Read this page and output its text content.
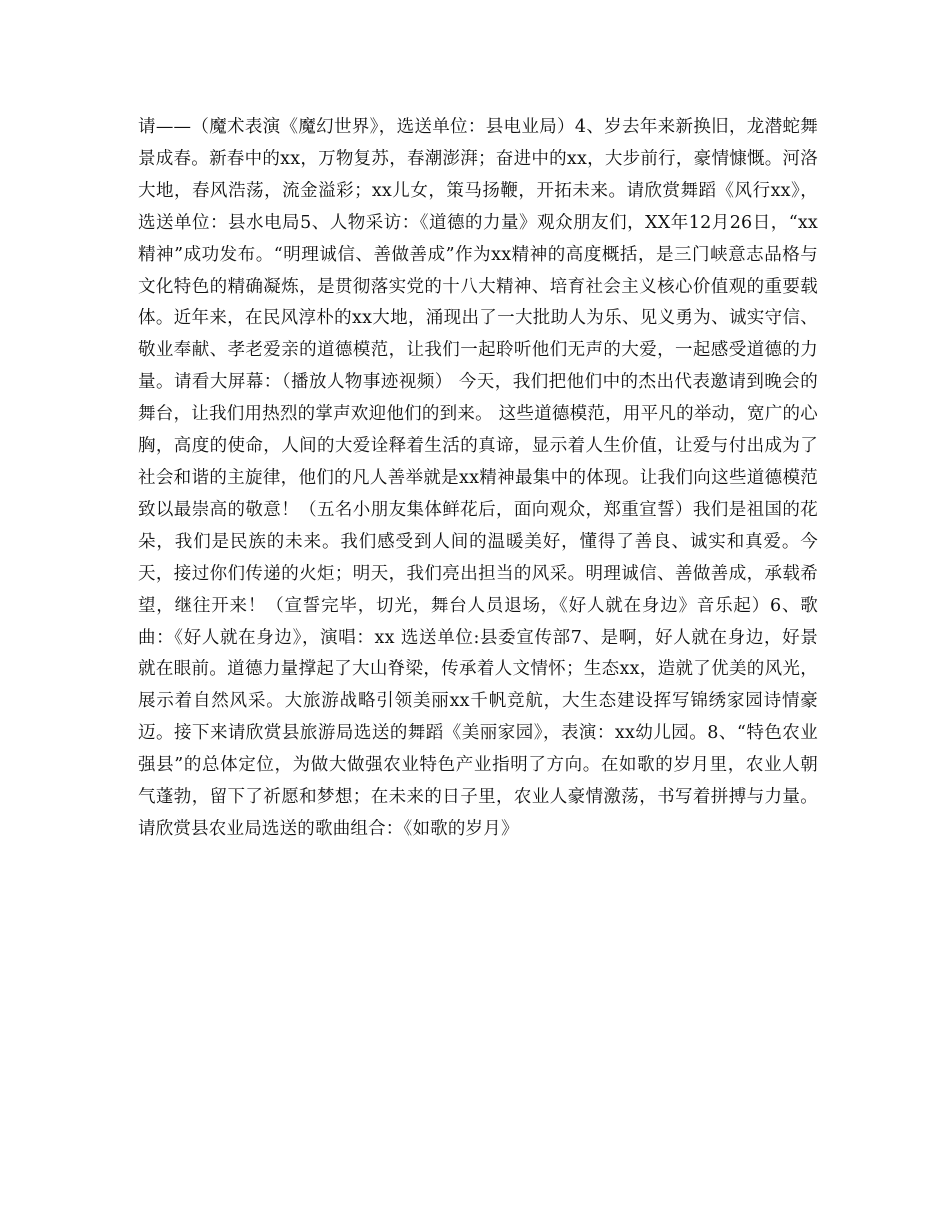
请——（魔术表演《魔幻世界》，选送单位：县电业局）4、岁去年来新换旧，龙潜蛇舞景成春。新春中的xx，万物复苏，春潮澎湃；奋进中的xx，大步前行，豪情慷慨。河洛大地，春风浩荡，流金溢彩；xx儿女，策马扬鞭，开拓未来。请欣赏舞蹈《风行xx》，选送单位：县水电局5、人物采访：《道德的力量》观众朋友们，XX年12月26日，“xx精神”成功发布。“明理诚信、善做善成”作为xx精神的高度概括，是三门峡意志品格与文化特色的精确凝炼，是贯彻落实党的十八大精神、培育社会主义核心价值观的重要载体。近年来，在民风淳朴的xx大地，涌现出了一大批助人为乐、见义勇为、诚实守信、敬业奉献、孝老爱亲的道德模范，让我们一起聆听他们无声的大爱，一起感受道德的力量。请看大屏幕：（播放人物事迹视频） 今天，我们把他们中的杰出代表邀请到晚会的舞台，让我们用热烈的掌声欢迎他们的到来。 这些道德模范，用平凡的举动，宽广的心胸，高度的使命，人间的大爱诠释着生活的真谛，显示着人生价值，让爱与付出成为了社会和谐的主旋律，他们的凡人善举就是xx精神最集中的体现。让我们向这些道德模范致以最崇高的敬意！（五名小朋友集体鲜花后，面向观众，郑重宣誓）我们是祖国的花朵，我们是民族的未来。我们感受到人间的温暖美好，懂得了善良、诚实和真爱。今天，接过你们传递的火炬；明天，我们亮出担当的风采。明理诚信、善做善成，承载希望，继往开来！（宣誓完毕，切光，舞台人员退场，《好人就在身边》音乐起）6、歌曲：《好人就在身边》，演唱：xx 选送单位:县委宣传部7、是啊，好人就在身边，好景就在眼前。道德力量撑起了大山脊梁，传承着人文情怀；生态xx，造就了优美的风光，展示着自然风采。大旅游战略引领美丽xx千帆竞航，大生态建设挥写锦绣家园诗情豪迈。接下来请欣赏县旅游局选送的舞蹈《美丽家园》，表演：xx幼儿园。8、“特色农业强县”的总体定位，为做大做强农业特色产业指明了方向。在如歌的岁月里，农业人朝气蓬勃，留下了祈愿和梦想；在未来的日子里，农业人豪情激荡，书写着拼搏与力量。请欣赏县农业局选送的歌曲组合：《如歌的岁月》
